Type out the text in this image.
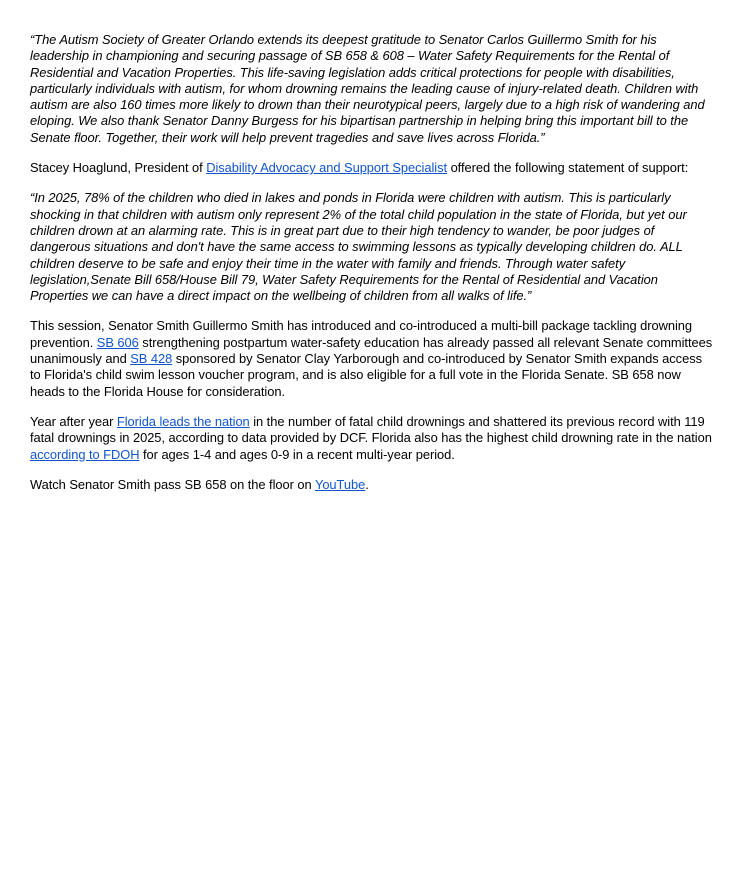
“The Autism Society of Greater Orlando extends its deepest gratitude to Senator Carlos Guillermo Smith for his leadership in championing and securing passage of SB 658 & 608 – Water Safety Requirements for the Rental of Residential and Vacation Properties. This life-saving legislation adds critical protections for people with disabilities, particularly individuals with autism, for whom drowning remains the leading cause of injury-related death. Children with autism are also 160 times more likely to drown than their neurotypical peers, largely due to a high risk of wandering and eloping. We also thank Senator Danny Burgess for his bipartisan partnership in helping bring this important bill to the Senate floor. Together, their work will help prevent tragedies and save lives across Florida.”

Stacey Hoaglund, President of Disability Advocacy and Support Specialist offered the following statement of support:

“In 2025, 78% of the children who died in lakes and ponds in Florida were children with autism. This is particularly shocking in that children with autism only represent 2% of the total child population in the state of Florida, but yet our children drown at an alarming rate. This is in great part due to their high tendency to wander, be poor judges of dangerous situations and don't have the same access to swimming lessons as typically developing children do. ALL children deserve to be safe and enjoy their time in the water with family and friends. Through water safety legislation,Senate Bill 658/House Bill 79, Water Safety Requirements for the Rental of Residential and Vacation Properties we can have a direct impact on the wellbeing of children from all walks of life.”

This session, Senator Smith Guillermo Smith has introduced and co-introduced a multi-bill package tackling drowning prevention. SB 606 strengthening postpartum water-safety education has already passed all relevant Senate committees unanimously and SB 428 sponsored by Senator Clay Yarborough and co-introduced by Senator Smith expands access to Florida's child swim lesson voucher program, and is also eligible for a full vote in the Florida Senate. SB 658 now heads to the Florida House for consideration.

Year after year Florida leads the nation in the number of fatal child drownings and shattered its previous record with 119 fatal drownings in 2025, according to data provided by DCF. Florida also has the highest child drowning rate in the nation according to FDOH for ages 1-4 and ages 0-9 in a recent multi-year period.

Watch Senator Smith pass SB 658 on the floor on YouTube.
